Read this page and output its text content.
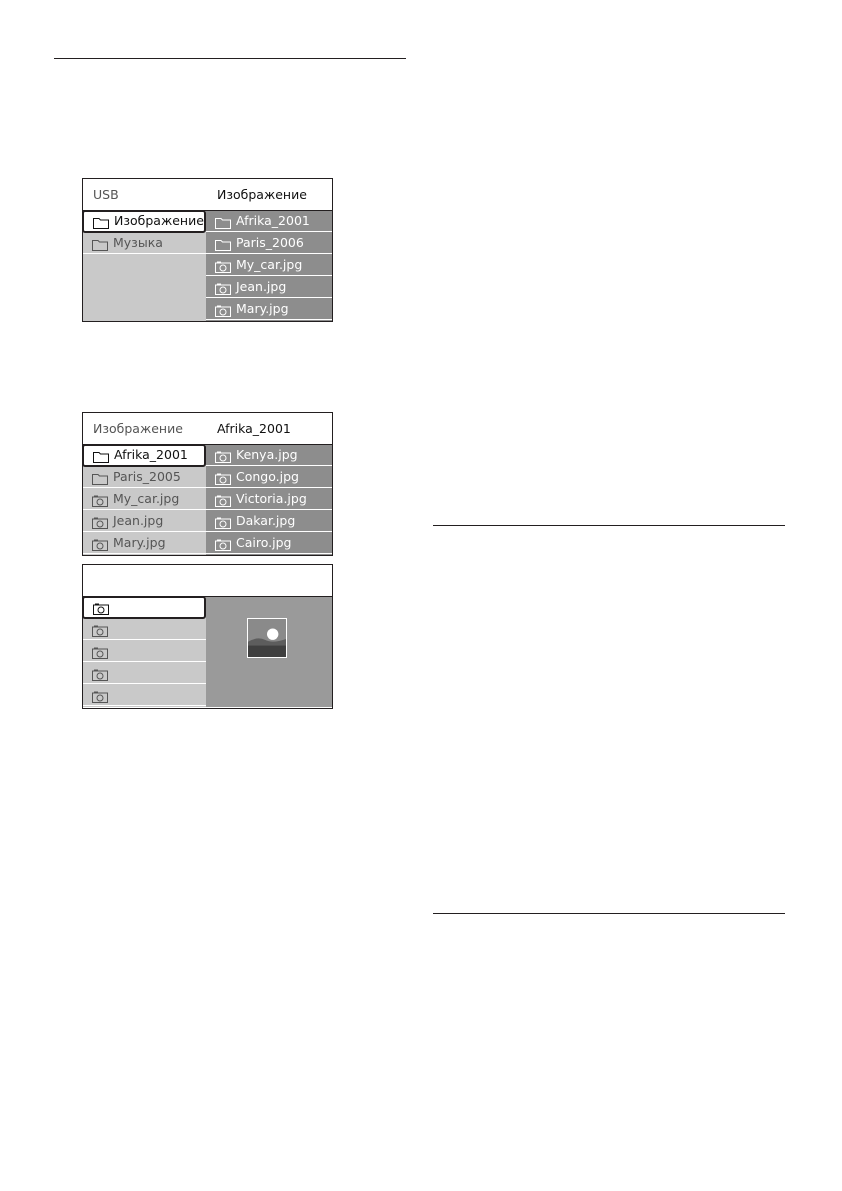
USB	Изображение
Изображение
Музыка
Afrika_2001
Paris_2006
My_car.jpg
Jean.jpg
Mary.jpg
Изображение	Afrika_2001
Afrika_2001
Paris_2005
My_car.jpg
Jean.jpg
Mary.jpg
Kenya.jpg
Congo.jpg
Victoria.jpg
Dakar.jpg
Cairo.jpg
